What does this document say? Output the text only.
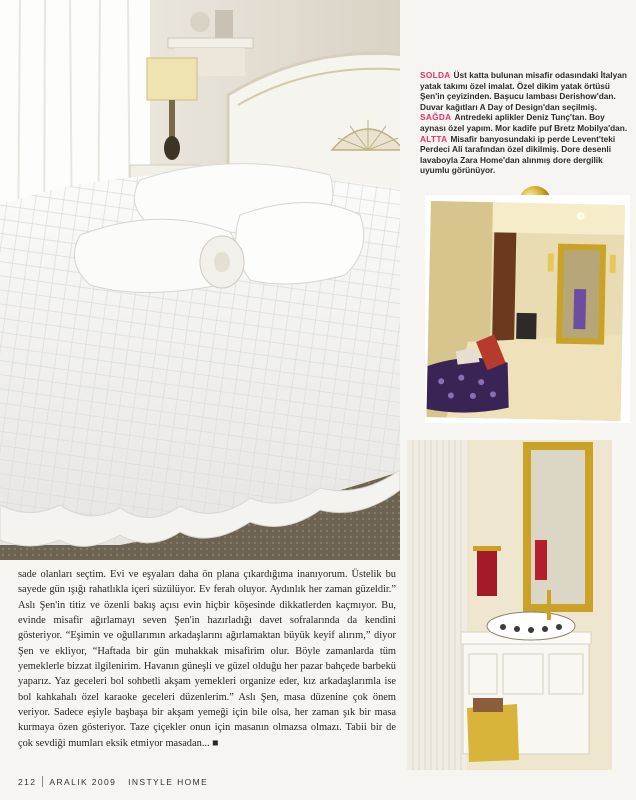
SOLDA Üst katta bulunan misafir odasındaki İtalyan yatak takımı özel imalat. Özel dikim yatak örtüsü Şen'in çeyizinden. Başucu lambası Derishow'dan. Duvar kağıtları A Day of Design'dan seçilmiş.

SAĞDA Antredeki aplikler Deniz Tunç'tan. Boy aynası özel yapım. Mor kadife puf Bretz Mobilya'dan.

ALTTA Misafir banyosundaki ip perde Levent'teki Perdeci Ali tarafından özel dikilmiş. Dore desenli lavaboyla Zara Home'dan alınmış dore dergilik uyumlu görünüyor.

sade olanları seçtim. Evi ve eşyaları daha ön plana çıkardığıma inanıyorum. Üstelik bu sayede gün ışığı rahatlıkla içeri süzülüyor. Ev ferah oluyor. Aydınlık her zaman güzeldir.” Aslı Şen'in titiz ve özenli bakış açısı evin hiçbir köşesinde dikkatlerden kaçmıyor. Bu, evinde misafir ağırlamayı seven Şen'in hazırladığı davet sofralarında da kendini gösteriyor. “Eşimin ve oğullarımın arkadaşlarını ağırlamaktan büyük keyif alırım,” diyor Şen ve ekliyor, “Haftada bir gün muhakkak misafirim olur. Böyle zamanlarda tüm yemeklerle bizzat ilgilenirim. Havanın güneşli ve güzel olduğu her pazar bahçede barbekü yaparız. Yaz geceleri bol sohbetli akşam yemekleri organize eder, kız arkadaşlarımla ise bol kahkahalı özel karaoke geceleri düzenlerim.” Aslı Şen, masa düzenine çok önem veriyor. Sadece eşiyle başbaşa bir akşam yemeği için bile olsa, her zaman şık bir masa kurmaya özen gösteriyor. Taze çiçekler onun için masanın olmazsa olmazı. Tabii bir de çok sevdiği mumları eksik etmiyor masadan... ■

212 ARALIK 2009 INSTYLE HOME
